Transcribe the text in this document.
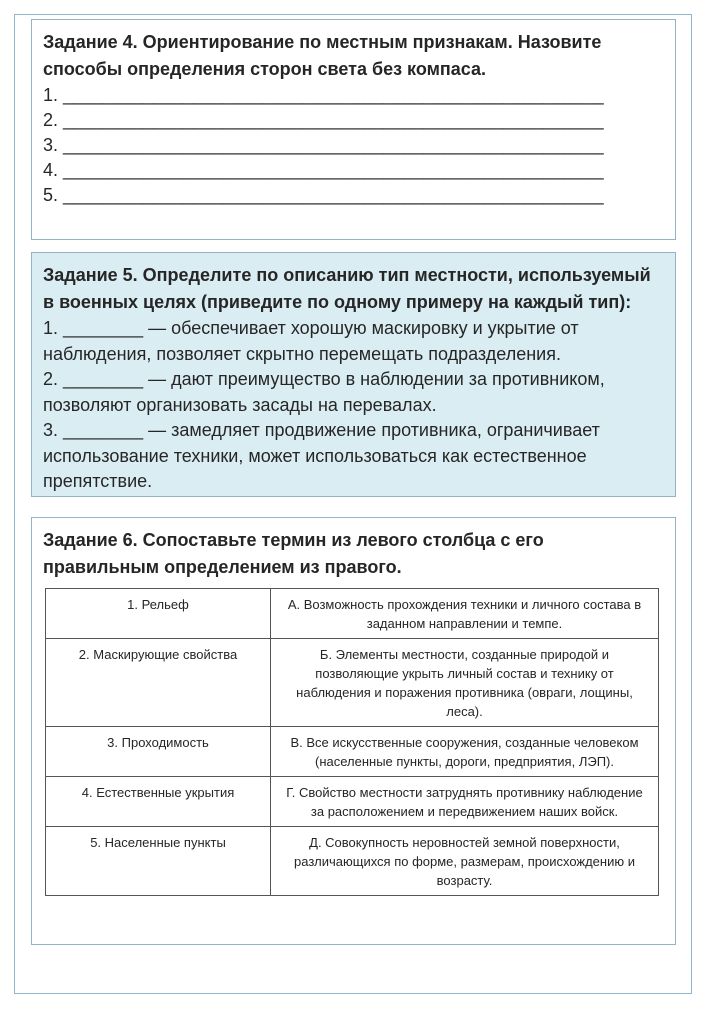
Задание 4. Ориентирование по местным признакам. Назовите способы определения сторон света без компаса.
1. ______________________________________________________
2. ______________________________________________________
3. ______________________________________________________
4. ______________________________________________________
5. ______________________________________________________
Задание 5. Определите по описанию тип местности, используемый в военных целях (приведите по одному примеру на каждый тип):
1. ________ — обеспечивает хорошую маскировку и укрытие от наблюдения, позволяет скрытно перемещать подразделения.
2. ________ — дают преимущество в наблюдении за противником, позволяют организовать засады на перевалах.
3. ________ — замедляет продвижение противника, ограничивает использование техники, может использоваться как естественное препятствие.
Задание 6. Сопоставьте термин из левого столбца с его правильным определением из правого.
1. Рельеф	А. Возможность прохождения техники и личного состава в заданном направлении и темпе.
2. Маскирующие свойства	Б. Элементы местности, созданные природой и позволяющие укрыть личный состав и технику от наблюдения и поражения противника (овраги, лощины, леса).
3. Проходимость	В. Все искусственные сооружения, созданные человеком (населенные пункты, дороги, предприятия, ЛЭП).
4. Естественные укрытия	Г. Свойство местности затруднять противнику наблюдение за расположением и передвижением наших войск.
5. Населенные пункты	Д. Совокупность неровностей земной поверхности, различающихся по форме, размерам, происхождению и возрасту.
